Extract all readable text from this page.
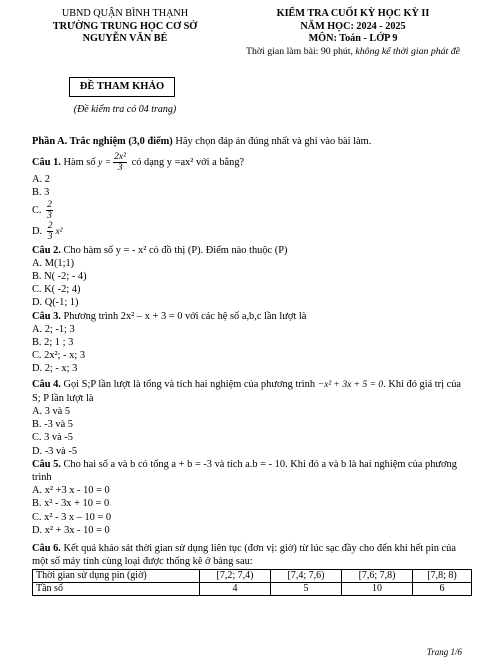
UBND QUẬN BÌNH THẠNH
TRƯỜNG TRUNG HỌC CƠ SỞ
NGUYỄN VĂN BÉ
ĐỀ THAM KHẢO
(Đề kiểm tra có 04 trang)
KIỂM TRA CUỐI KỲ HỌC KỲ II
NĂM HỌC: 2024 - 2025
MÔN: Toán - LỚP 9
Thời gian làm bài: 90 phút, không kể thời gian phát đề

Phần A. Trắc nghiệm (3,0 điểm) Hãy chọn đáp án đúng nhất và ghi vào bài làm.

Câu 1. Hàm số $y = \frac{\text{2x²}}{3}$ có dạng y =ax² với a bằng?

A. 2

B. 3

C. $\frac{2}{3}$

D. $\frac{2}{3} x^2$

Câu 2. Cho hàm số y = - x² có đồ thị (P). Điểm nào thuộc (P)

A. M(1;1)

B. N( -2; - 4)

C. K( -2; 4)

D. Q(-1; 1)

Câu 3. Phương trình 2x² – x + 3 = 0 với các hệ số a,b,c lần lượt là

A. 2; -1; 3

B. 2; 1 ; 3

C. 2x²; - x; 3

D. 2; - x; 3

Câu 4. Gọi S;P lần lượt là tổng và tích hai nghiệm của phương trình −x² + 3x + 5 = 0. Khi đó giá trị của S; P lần lượt là

A. 3 và 5

B. -3 và 5

C. 3 và -5

D. -3 và -5

Câu 5. Cho hai số a và b có tổng a + b = -3 và tích a.b = - 10. Khi đó a và b là hai nghiệm của phương trình

A. x² +3 x - 10 = 0

B. x² - 3x + 10 = 0

C. x² - 3 x – 10 = 0

D. x² + 3x - 10 = 0

Câu 6. Kết quả khảo sát thời gian sử dụng liên tục (đơn vị: giờ) từ lúc sạc đầy cho đến khi hết pin của một số máy tính cùng loại được thống kê ở bảng sau:

Thời gian sử dụng pin (giờ)	[7,2; 7,4)	[7,4; 7,6)	[7,6; 7,8)	[7,8; 8)
Tần số	4	5	10	6
Trang 1/6
